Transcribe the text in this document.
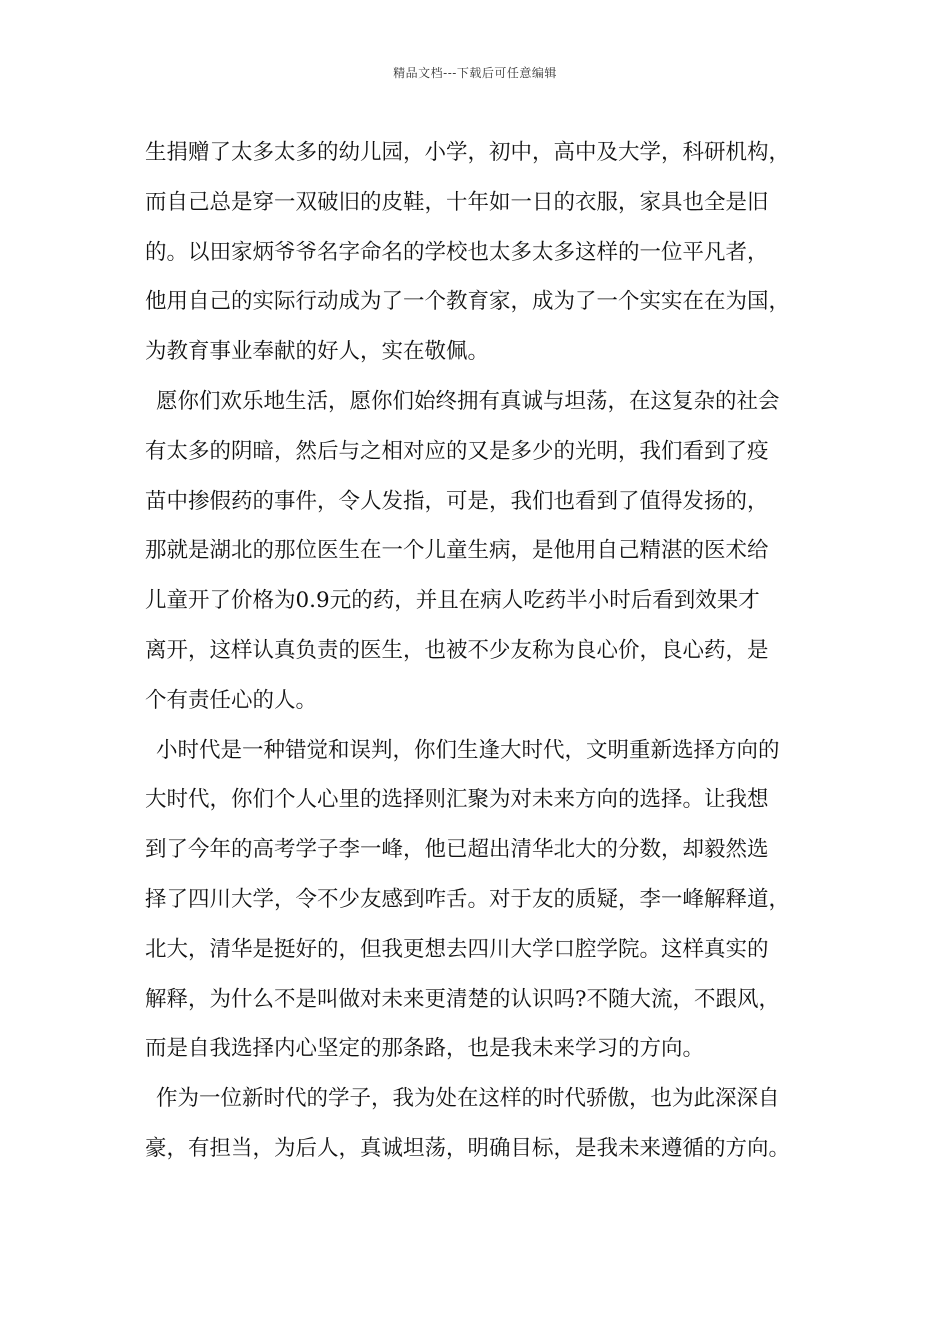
精品文档---下载后可任意编辑
生捐赠了太多太多的幼儿园，小学，初中，高中及大学，科研机构，
而自己总是穿一双破旧的皮鞋，十年如一日的衣服，家具也全是旧
的。以田家炳爷爷名字命名的学校也太多太多这样的一位平凡者，
他用自己的实际行动成为了一个教育家，成为了一个实实在在为国，
为教育事业奉献的好人，实在敬佩。
愿你们欢乐地生活，愿你们始终拥有真诚与坦荡，在这复杂的社会
有太多的阴暗，然后与之相对应的又是多少的光明，我们看到了疫
苗中掺假药的事件，令人发指，可是，我们也看到了值得发扬的，
那就是湖北的那位医生在一个儿童生病，是他用自己精湛的医术给
儿童开了价格为0.9元的药，并且在病人吃药半小时后看到效果才
离开，这样认真负责的医生，也被不少友称为良心价，良心药，是
个有责任心的人。
小时代是一种错觉和误判，你们生逢大时代，文明重新选择方向的
大时代，你们个人心里的选择则汇聚为对未来方向的选择。让我想
到了今年的高考学子李一峰，他已超出清华北大的分数，却毅然选
择了四川大学，令不少友感到咋舌。对于友的质疑，李一峰解释道，
北大，清华是挺好的，但我更想去四川大学口腔学院。这样真实的
解释，为什么不是叫做对未来更清楚的认识吗?不随大流，不跟风，
而是自我选择内心坚定的那条路，也是我未来学习的方向。
作为一位新时代的学子，我为处在这样的时代骄傲，也为此深深自
豪，有担当，为后人，真诚坦荡，明确目标，是我未来遵循的方向。
